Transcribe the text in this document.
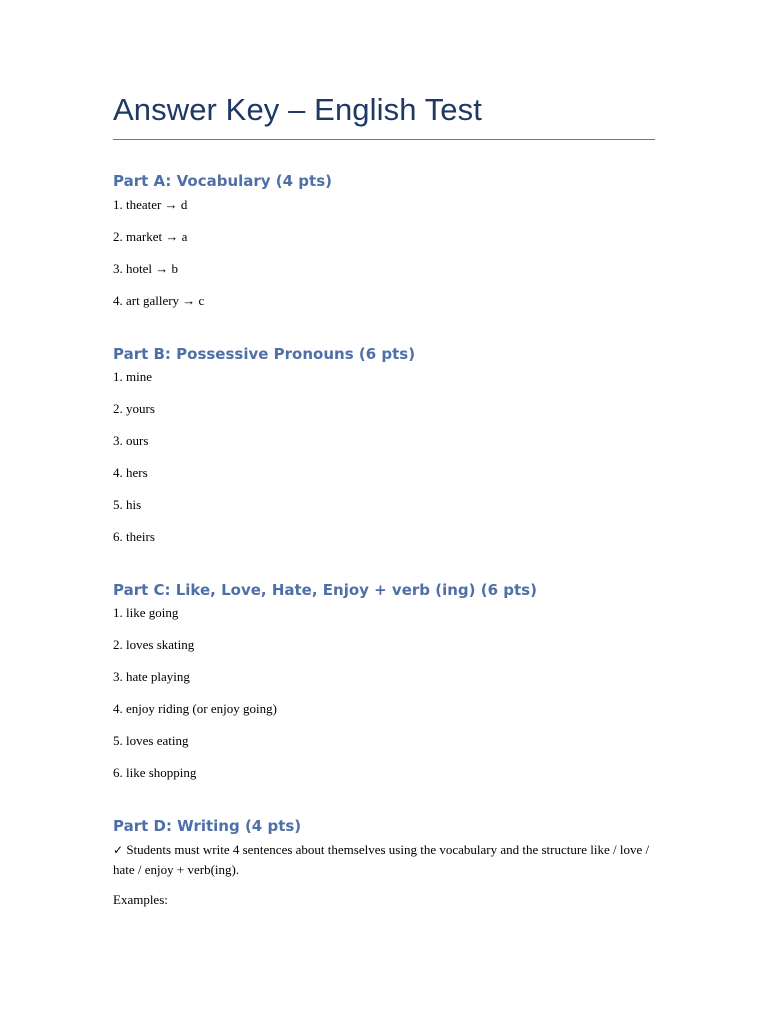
Answer Key – English Test
Part A: Vocabulary (4 pts)

1. theater → d

2. market → a

3. hotel → b

4. art gallery → c

Part B: Possessive Pronouns (6 pts)

1. mine

2. yours

3. ours

4. hers

5. his

6. theirs

Part C: Like, Love, Hate, Enjoy + verb (ing) (6 pts)

1. like going

2. loves skating

3. hate playing

4. enjoy riding (or enjoy going)

5. loves eating

6. like shopping

Part D: Writing (4 pts)

✓ Students must write 4 sentences about themselves using the vocabulary and the structure like / love / hate / enjoy + verb(ing).

Examples:
